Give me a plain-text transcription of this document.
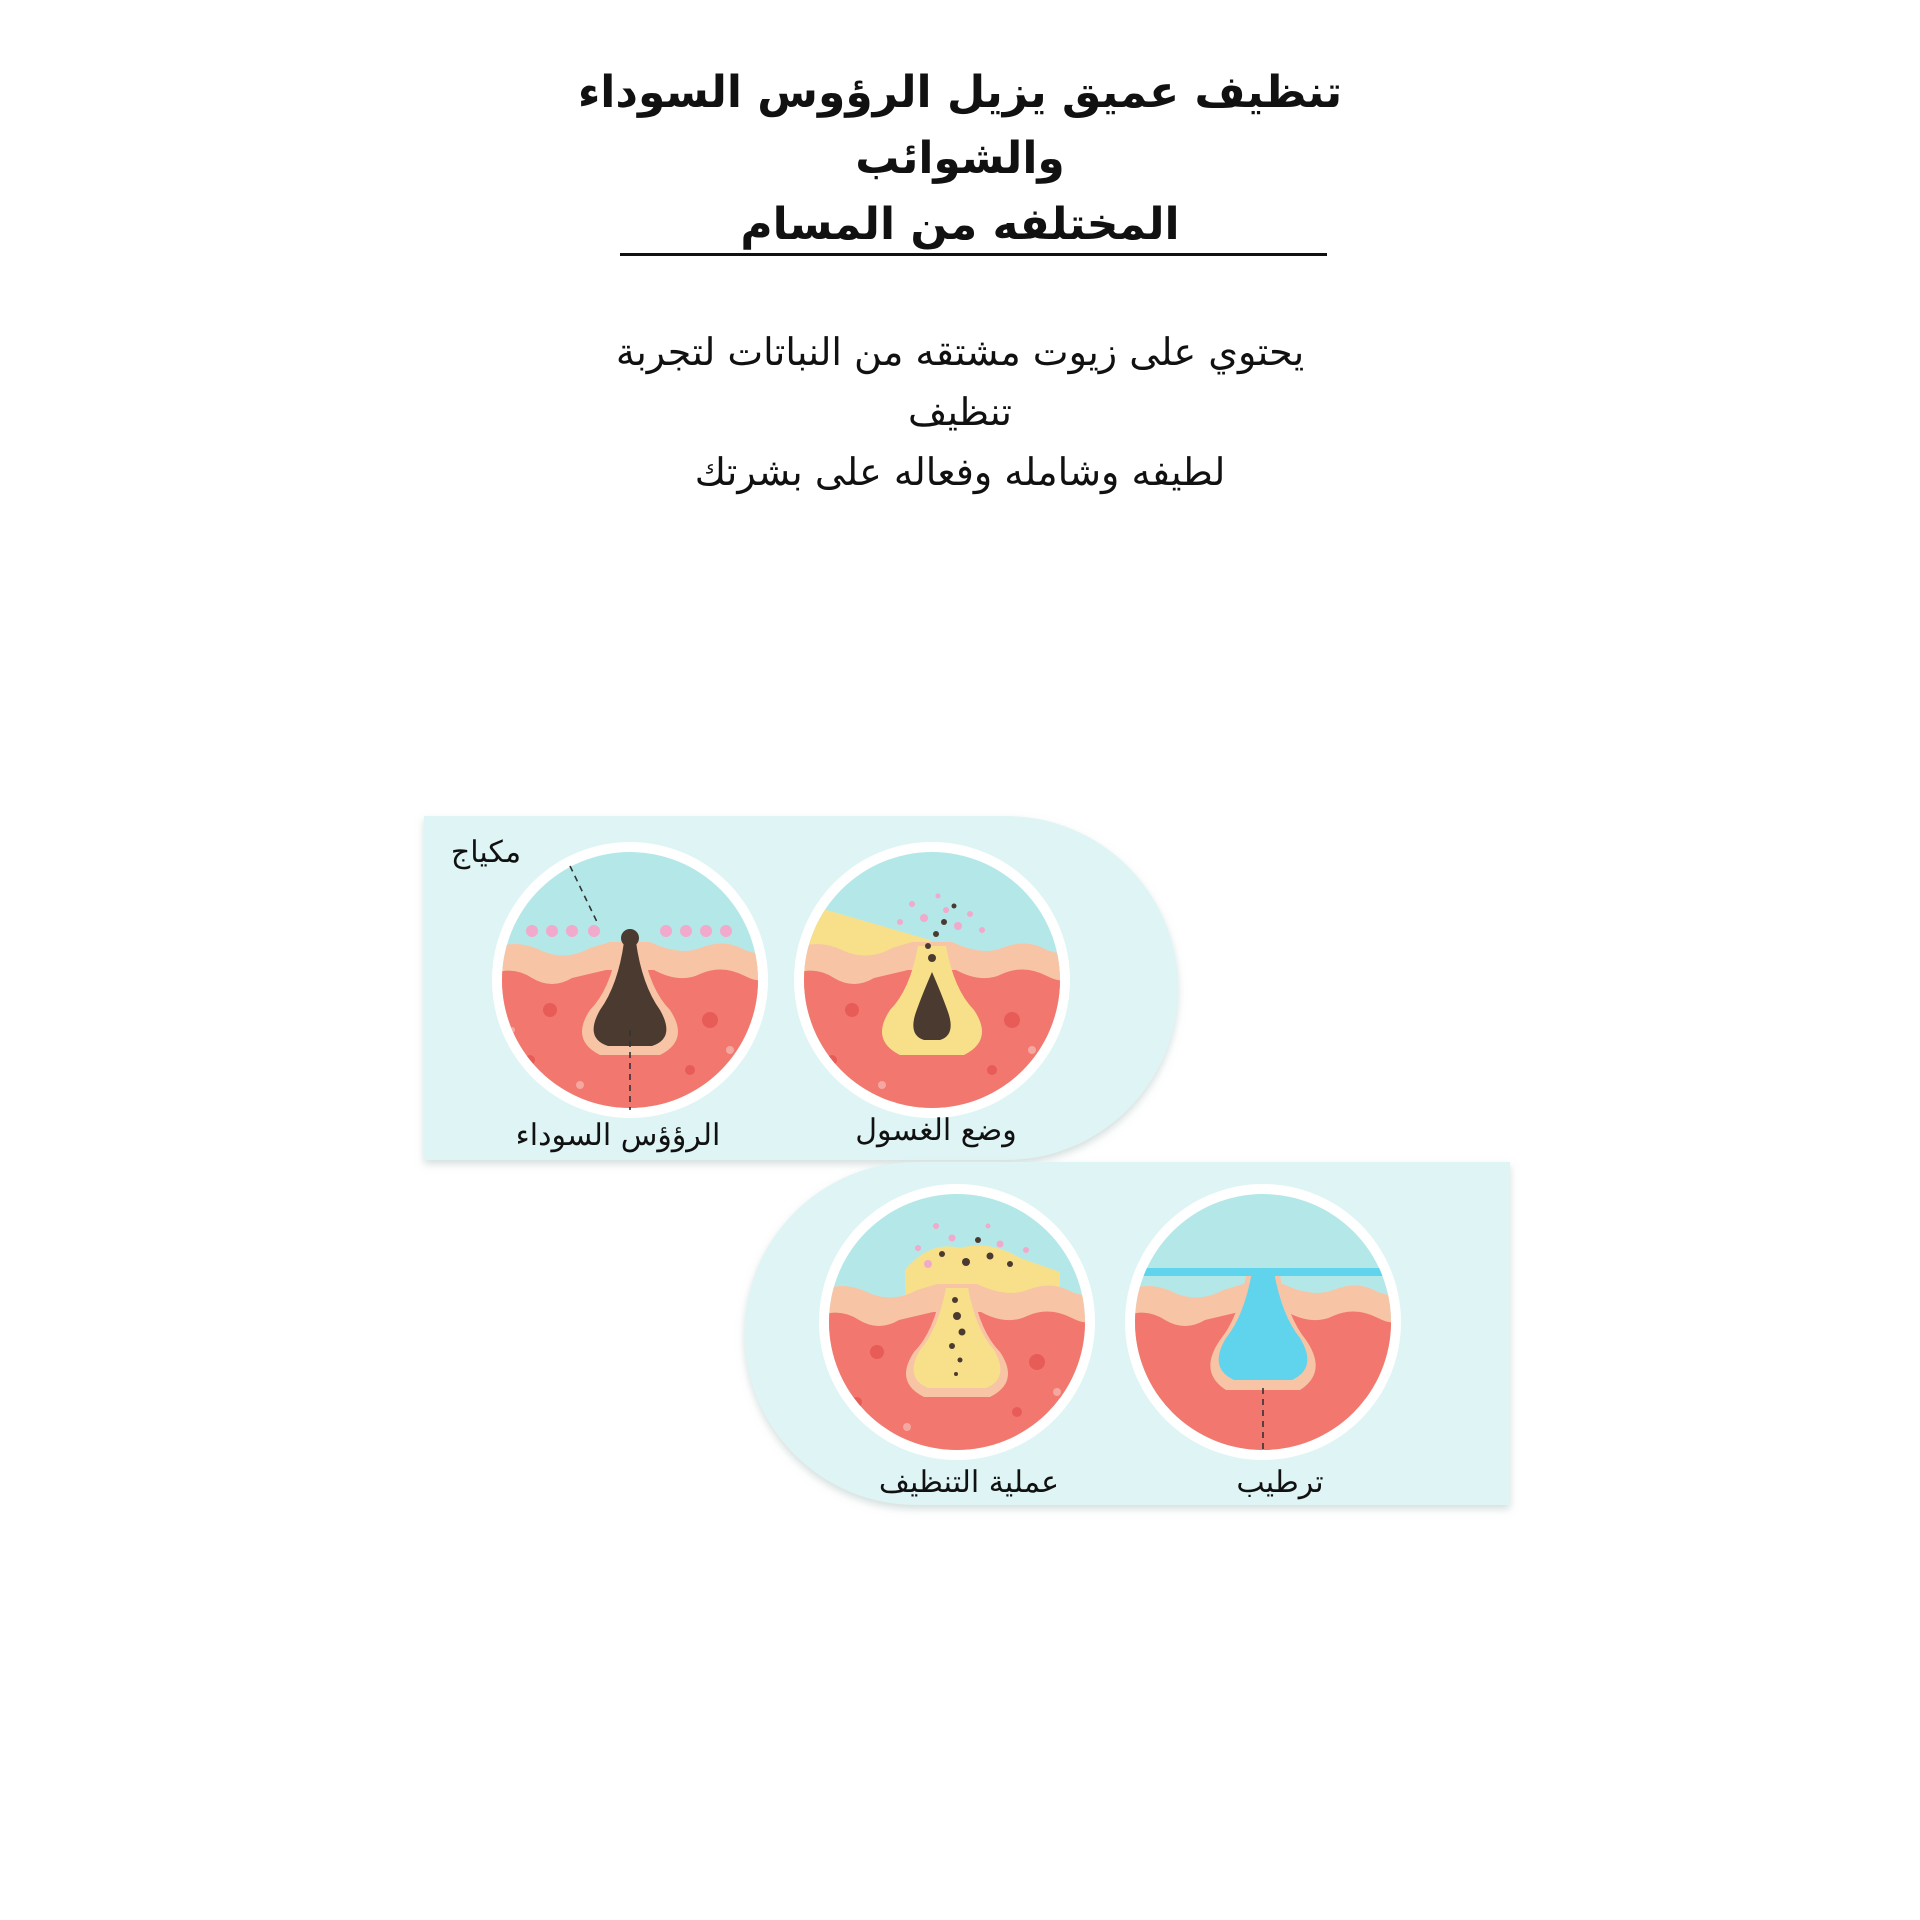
تنظيف عميق يزيل الرؤوس السوداء والشوائب
المختلفه من المسام

يحتوي على زيوت مشتقه من النباتات لتجربة تنظيف
لطيفه وشامله وفعاله على بشرتك

مكياج
الرؤؤس السوداء	وضع الغسول
عملية التنظيف	ترطيب
